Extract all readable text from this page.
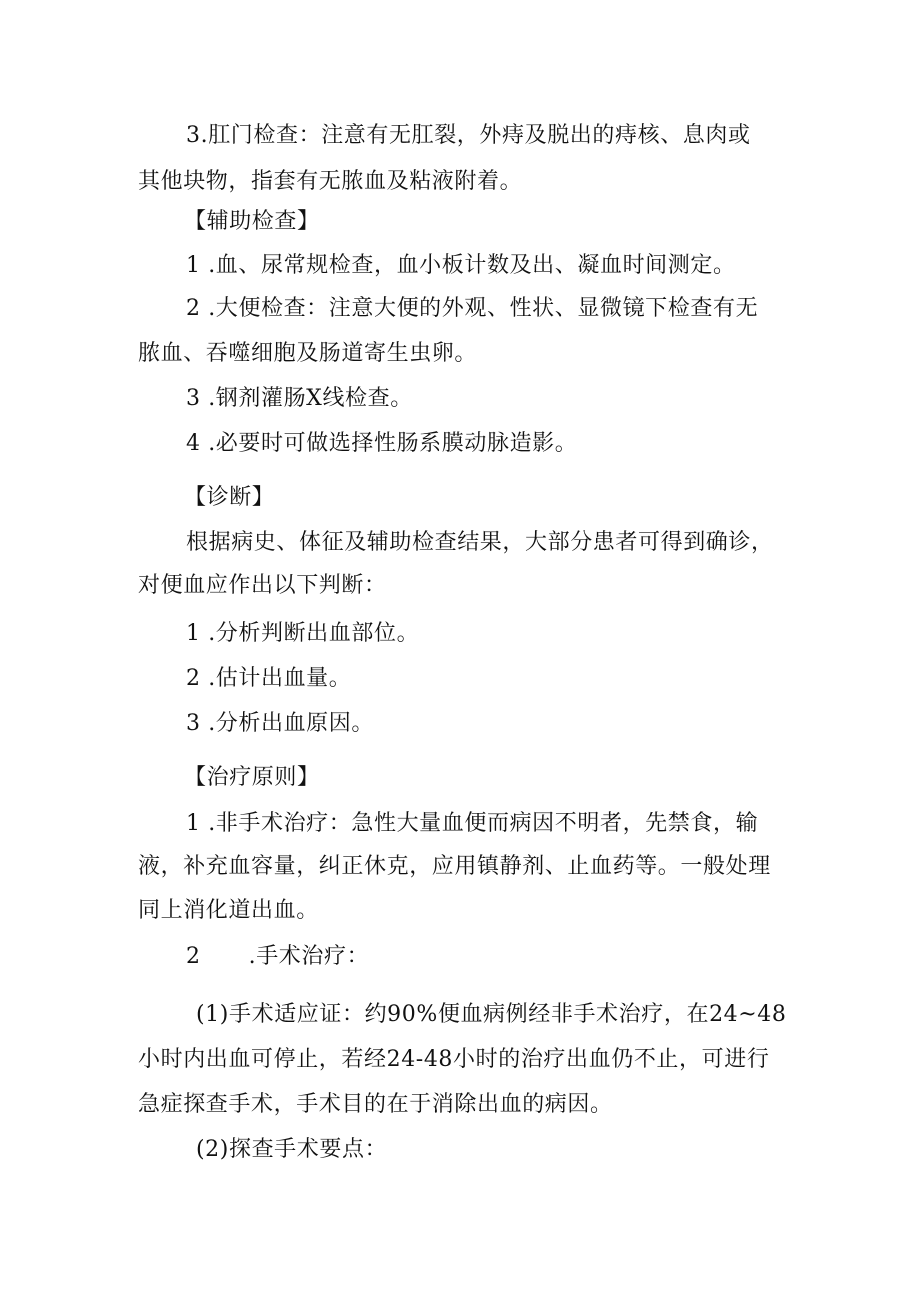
3.肛门检查：注意有无肛裂，外痔及脱出的痔核、息肉或
其他块物，指套有无脓血及粘液附着。
【辅助检查】
1 .血、尿常规检查，血小板计数及出、凝血时间测定。
2 .大便检查：注意大便的外观、性状、显微镜下检查有无
脓血、吞噬细胞及肠道寄生虫卵。
3 .钢剂灌肠X线检查。
4 .必要时可做选择性肠系膜动脉造影。
【诊断】
根据病史、体征及辅助检查结果，大部分患者可得到确诊，
对便血应作出以下判断：
1 .分析判断出血部位。
2 .估计出血量。
3 .分析出血原因。
【治疗原则】
1 .非手术治疗：急性大量血便而病因不明者，先禁食，输
液，补充血容量，纠正休克，应用镇静剂、止血药等。一般处理
同上消化道出血。
2 .手术治疗：
(1)手术适应证：约90%便血病例经非手术治疗，在24~48
小时内出血可停止，若经24-48小时的治疗出血仍不止，可进行
急症探查手术，手术目的在于消除出血的病因。
(2)探查手术要点：
